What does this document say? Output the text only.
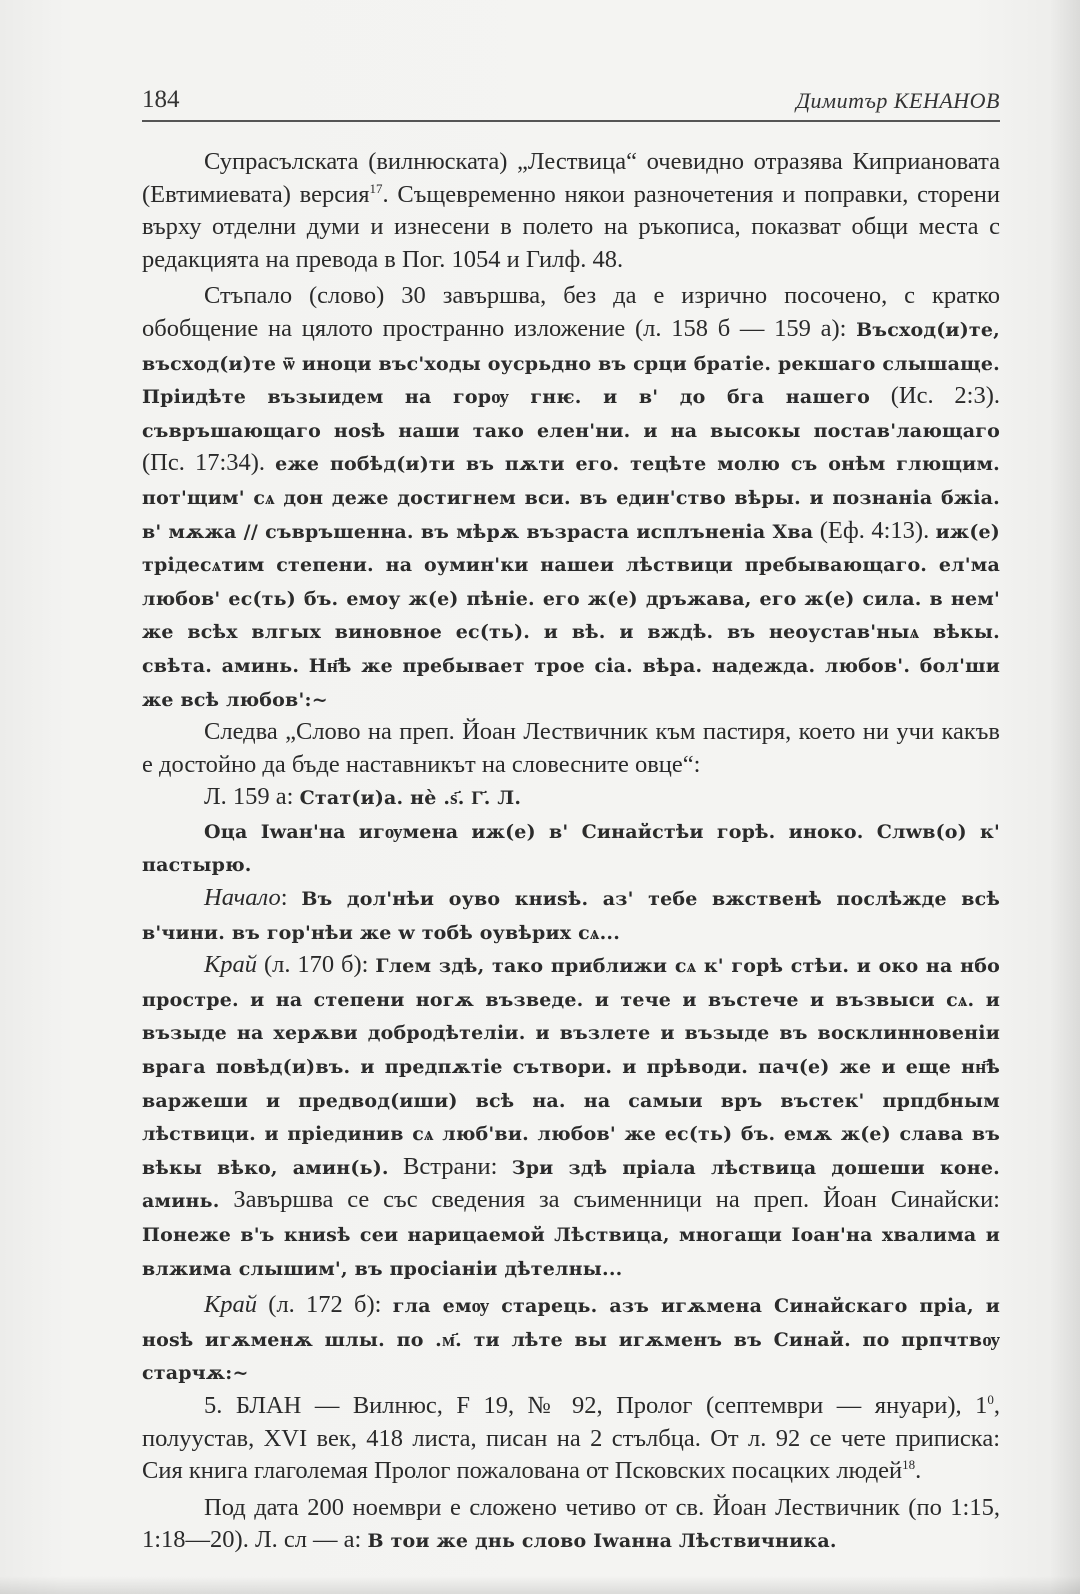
184	Димитър КЕНАНОВ

Супрасълската (вилнюската) „Лествица“ очевидно отразява Киприановата (Евтимиевата) версия$^{17}$. Същевременно някои разночетения и поправки, сторени върху отделни думи и изнесени в полето на ръкописа, показват общи места с редакцията на превода в Пог. 1054 и Гилф. 48.

Стъпало (слово) 30 завършва, без да е изрично посочено, с кратко обобщение на цялото пространно изложение (л. 158 б — 159 а): Въсход(и)те, въсход(и)те ѿ иноци въс'ходы оусрьдно въ срци братіе. рекшаго слышаще. Пріидѣте възыидем на горѹ гнѥ. и в' до бга нашего (Ис. 2:3). съвръшающаго ноѕѣ наши тако елен'ни. и на высокы постав'лающаго (Пс. 17:34). еже побѣд(и)ти въ пѫти его. тецѣте молю съ онѣм глющим. пот'щим' сѧ дон деже достигнем вси. въ един'ство вѣры. и познаніа бжіа. в' мѫжа // съвръшенна. въ мѣрѫ възраста исплъненіа Хва (Еф. 4:13). иж(е) трідесѧтим степени. на оумин'ки нашеи лѣствици пребывающаго. ел'ма любов' ес(ть) бъ. емоу ж(е) пѣніе. его ж(е) дръжава, его ж(е) сила. в нем' же всѣх влгых виновное ес(ть). и вѣ. и вждѣ. въ неоустав'ныѧ вѣкы. свѣта. аминь. Нн҃ѣ же пребывает трое сіа. вѣра. надежда. любов'. бол'ши же всѣ любов':~

Следва „Слово на преп. Йоан Лествичник към пастиря, което ни учи какъв е достойно да бъде наставникът на словесните овце“:

Л. 159 а: Стат(и)а. нѐ .ѕ҃. Г҃. Л.

Оца Іwан'на игѹмена иж(е) в' Синайстѣи горѣ. иноко. Слwв(о) к' пастырю.

Начало: Въ дол'нѣи оуво книѕѣ. аз' тебе вжственѣ послѣжде всѣ в'чини. въ гор'нѣи же w тобѣ оувѣрих сѧ...

Край (л. 170 б): Глем здѣ, тако приближи сѧ к' горѣ стѣи. и око на нбо простре. и на степени ногѫ възведе. и тече и въстече и възвыси сѧ. и възыде на херѫви добродѣтеліи. и възлете и възыде въ восклинновеніи врага повѣд(и)въ. и предпѫтіе сътвори. и прѣводи. пач(е) же и еще нн҃ѣ варжеши и предвод(иши) всѣ на. на самыи връ въстек' прпдбным лѣствици. и пріединив сѧ люб'ви. любов' же ес(ть) бъ. емѫ ж(е) слава въ вѣкы вѣко, амин(ь). Встрани: Зри здѣ пріала лѣствица дошеши коне. аминь. Завършва се със сведения за съименници на преп. Йоан Синайски: Понеже в'ъ книѕѣ сеи нарицаемой Лѣствица, многащи Іоан'на хвалима и влжима слышим', въ просіаніи дѣтелны...

Край (л. 172 б): гла емѹ старець. азъ игѫмена Синайскаго пріа, и ноѕѣ игѫменѫ шлы. по .м҃. ти лѣте вы игѫменъ въ Синай. по прпчтвѹ старчѫ:~

5. БЛАН — Вилнюс, F 19, № 92, Пролог (септември — януари), $1^0$, полуустав, XVI век, 418 листа, писан на 2 стълбца. От л. 92 се чете приписка: Сия книга глаголемая Пролог пожалована от Псковских посацких людей$^{18}$.

Под дата 200 ноември е сложено четиво от св. Йоан Лествичник (по 1:15, 1:18—20). Л. сл — а: В тои же днь слово Іwанна Лѣствичника.
